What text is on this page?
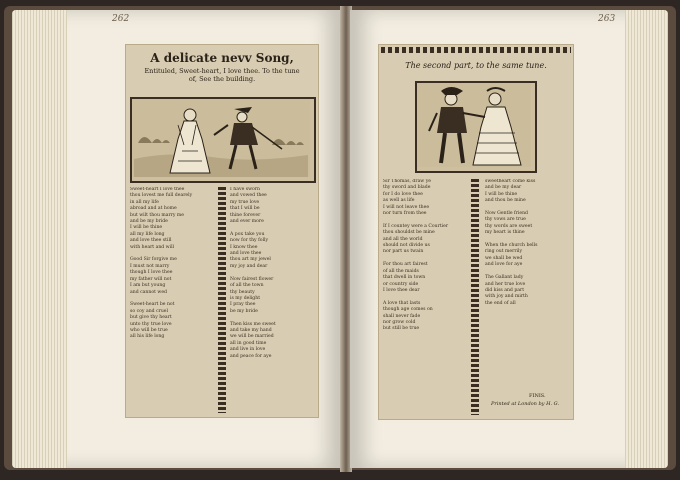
262
A delicate nevv Song,
Entituled, Sweet-heart, I love thee. To the tune of, See the building.
Sweet-heart I love thee
thou lovest me full dearely
in all my life
abroad and at home
but wilt thou marry me
and be my bride
I will be thine
all my life long
and love thee still
with heart and will

Good Sir forgive me
I must not marry
though I love thee
my father will not
I am but young
and cannot wed

Sweet-heart be not
so coy and cruel
but give thy heart
unto thy true love
who will be true
all his life long
I have sworn
and vowed thee
my true love
that I will be
thine forever
and ever more

A pox take you
now for thy folly
I know thee
and love thee
thou art my jewel
my joy and dear

Now fairest flower
of all the town
thy beauty
is my delight
I pray thee
be my bride

Then kiss me sweet
and take my hand
we will be married
all in good time
and live in love
and peace for aye
263
The second part, to the same tune.
Sir Thomas, draw ye
thy sword and blade
for I do love thee
as well as life
I will not leave thee
nor turn from thee

If I countey were a Courtier
thou shouldst be mine
and all the world
should not divide us
nor part us twain

For thou art fairest
of all the maids
that dwell in town
or country side
I love thee dear

A love that lasts
though age comes on
shall never fade
nor grow cold
but still be true
sweetheart come kiss
and be my dear
I will be thine
and thou be mine

Now Gentle friend
thy vows are true
thy words are sweet
my heart is thine

When the church bells
ring out merrily
we shall be wed
and love for aye

The Gallant lady
and her true love
did kiss and part
with joy and mirth
the end of all
FINIS.
Printed at London by H. G.
